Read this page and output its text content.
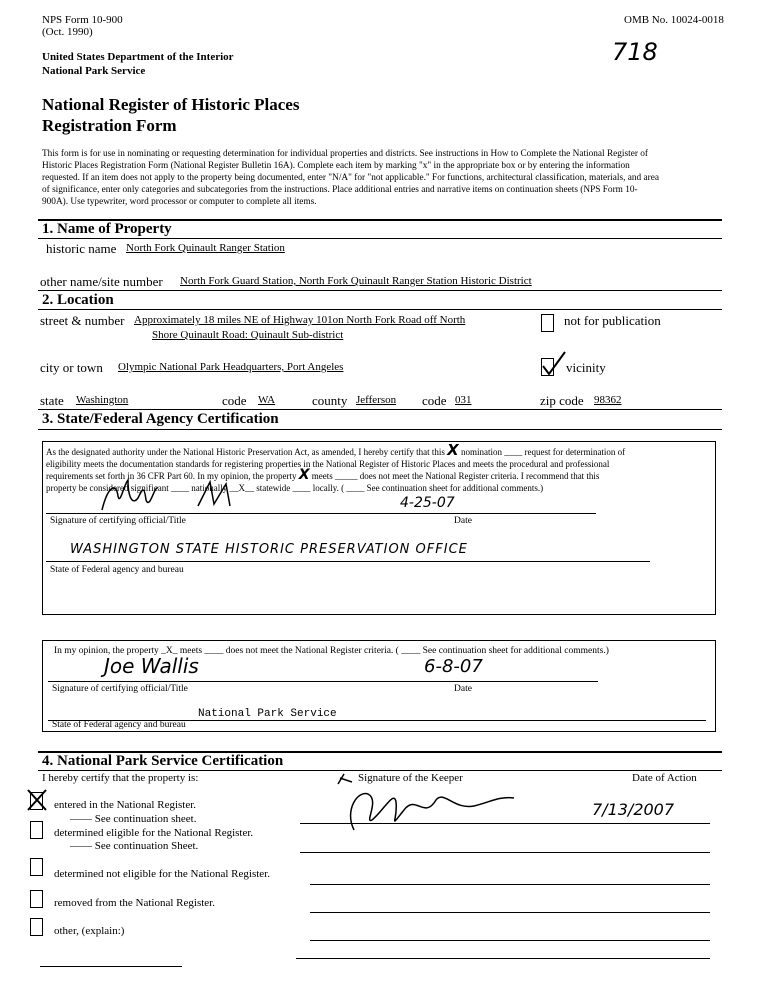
NPS Form 10-900
(Oct. 1990)
OMB No. 10024-0018
718
United States Department of the Interior
National Park Service
National Register of Historic Places
Registration Form
This form is for use in nominating or requesting determination for individual properties and districts. See instructions in How to Complete the National Register of
Historic Places Registration Form (National Register Bulletin 16A). Complete each item by marking "x" in the appropriate box or by entering the information
requested. If an item does not apply to the property being documented, enter "N/A" for "not applicable." For functions, architectural classification, materials, and area
of significance, enter only categories and subcategories from the instructions. Place additional entries and narrative items on continuation sheets (NPS Form 10-
900A). Use typewriter, word processor or computer to complete all items.
1. Name of Property
historic name North Fork Quinault Ranger Station
other name/site number North Fork Guard Station, North Fork Quinault Ranger Station Historic District
2. Location
street & number Approximately 18 miles NE of Highway 101on North Fork Road off North
Shore Quinault Road: Quinault Sub-district
not for publication
city or town Olympic National Park Headquarters, Port Angeles	vicinity
state Washington	code WA	county Jefferson code 031	zip code 98362
3. State/Federal Agency Certification
As the designated authority under the National Historic Preservation Act, as amended, I hereby certify that this X nomination ____ request for determination of
eligibility meets the documentation standards for registering properties in the National Register of Historic Places and meets the procedural and professional
requirements set forth in 36 CFR Part 60. In my opinion, the property X meets _____ does not meet the National Register criteria. I recommend that this
property be considered significant ____ nationally __X__ statewide ____ locally. ( ____ See continuation sheet for additional comments.)
4-25-07
Signature of certifying official/Title	Date
WASHINGTON STATE HISTORIC PRESERVATION OFFICE
State of Federal agency and bureau
In my opinion, the property _X_ meets ____ does not meet the National Register criteria. ( ____ See continuation sheet for additional comments.)
Joe Wallis	6-8-07
Signature of certifying official/Title	Date
National Park Service
State of Federal agency and bureau
4. National Park Service Certification
I hereby certify that the property is:	Signature of the Keeper	Date of Action
entered in the National Register.
—— See continuation sheet.
determined eligible for the National Register.
—— See continuation Sheet.
determined not eligible for the National Register.
removed from the National Register.
other, (explain:)
7/13/2007
